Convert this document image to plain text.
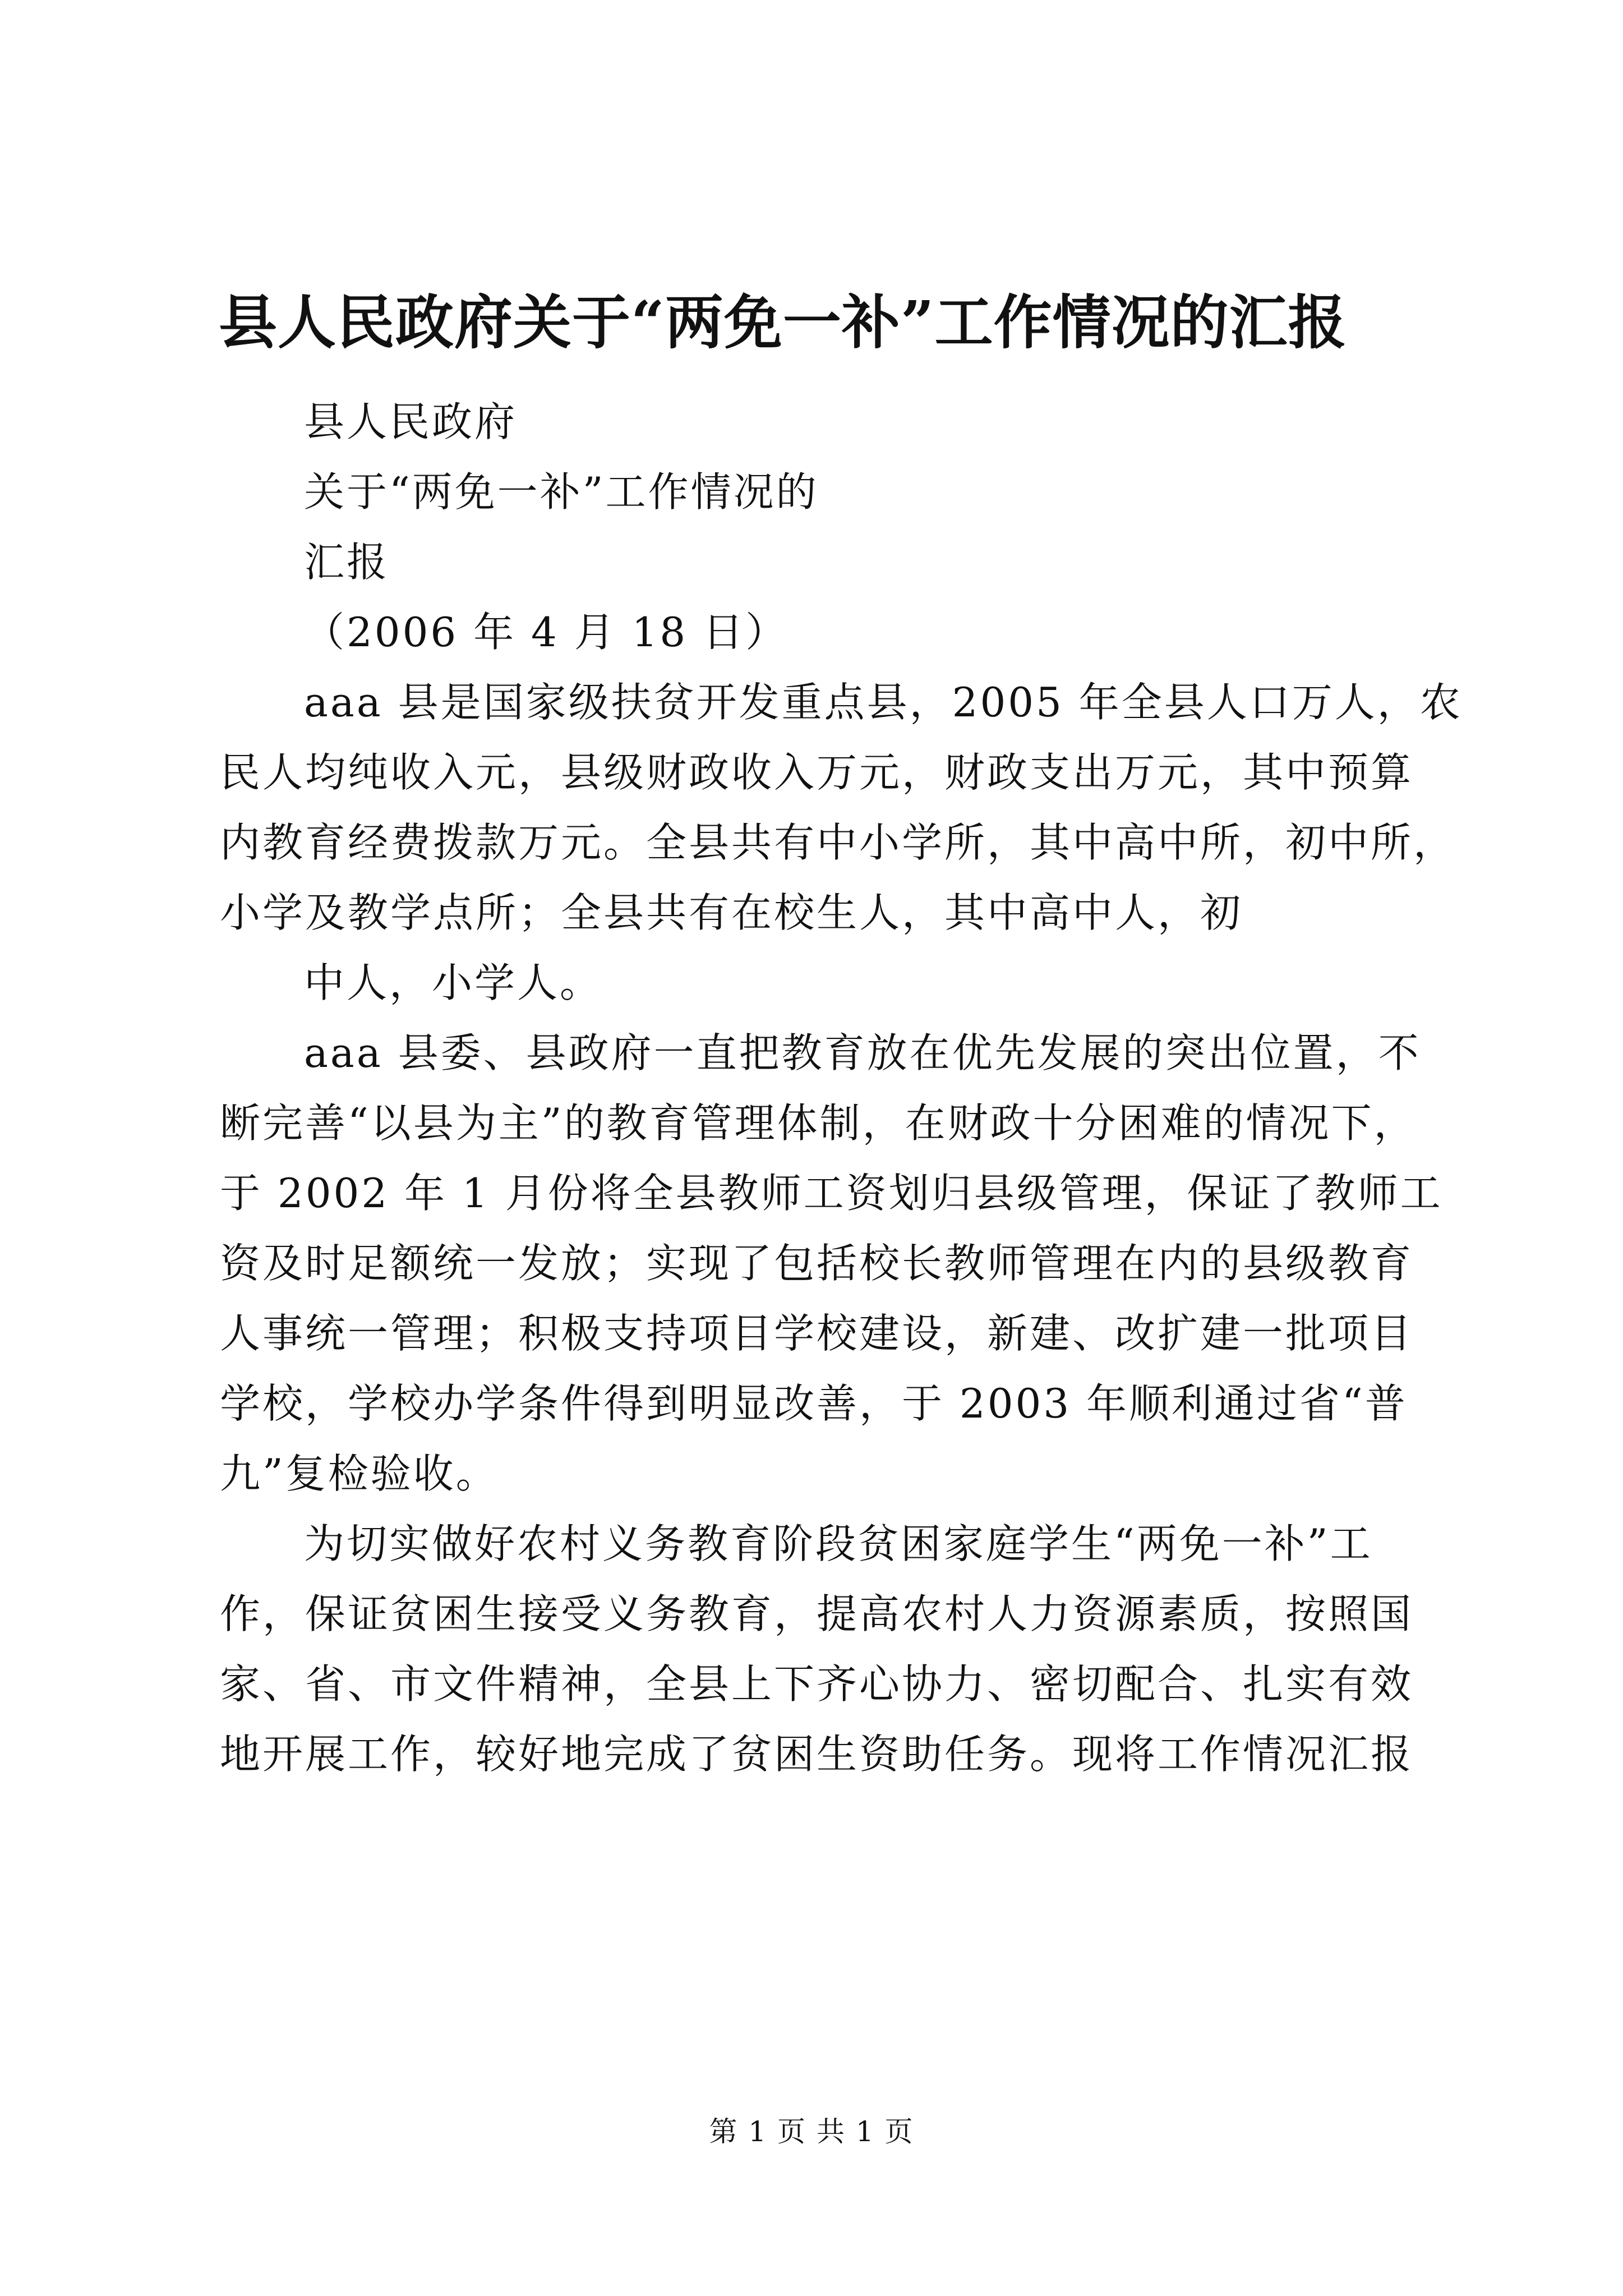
县人民政府关于“两免一补”工作情况的汇报

县人民政府

关于“两免一补”工作情况的

汇报

（2006 年 4 月 18 日）

aaa 县是国家级扶贫开发重点县，2005 年全县人口万人，农

民人均纯收入元，县级财政收入万元，财政支出万元，其中预算

内教育经费拨款万元。全县共有中小学所，其中高中所，初中所，

小学及教学点所；全县共有在校生人，其中高中人，初

中人，小学人。

aaa 县委、县政府一直把教育放在优先发展的突出位置，不

断完善“以县为主”的教育管理体制，在财政十分困难的情况下，

于 2002 年 1 月份将全县教师工资划归县级管理，保证了教师工

资及时足额统一发放；实现了包括校长教师管理在内的县级教育

人事统一管理；积极支持项目学校建设，新建、改扩建一批项目

学校，学校办学条件得到明显改善，于 2003 年顺利通过省“普

九”复检验收。

为切实做好农村义务教育阶段贫困家庭学生“两免一补”工

作，保证贫困生接受义务教育，提高农村人力资源素质，按照国

家、省、市文件精神，全县上下齐心协力、密切配合、扎实有效

地开展工作，较好地完成了贫困生资助任务。现将工作情况汇报

第 1 页 共 1 页
